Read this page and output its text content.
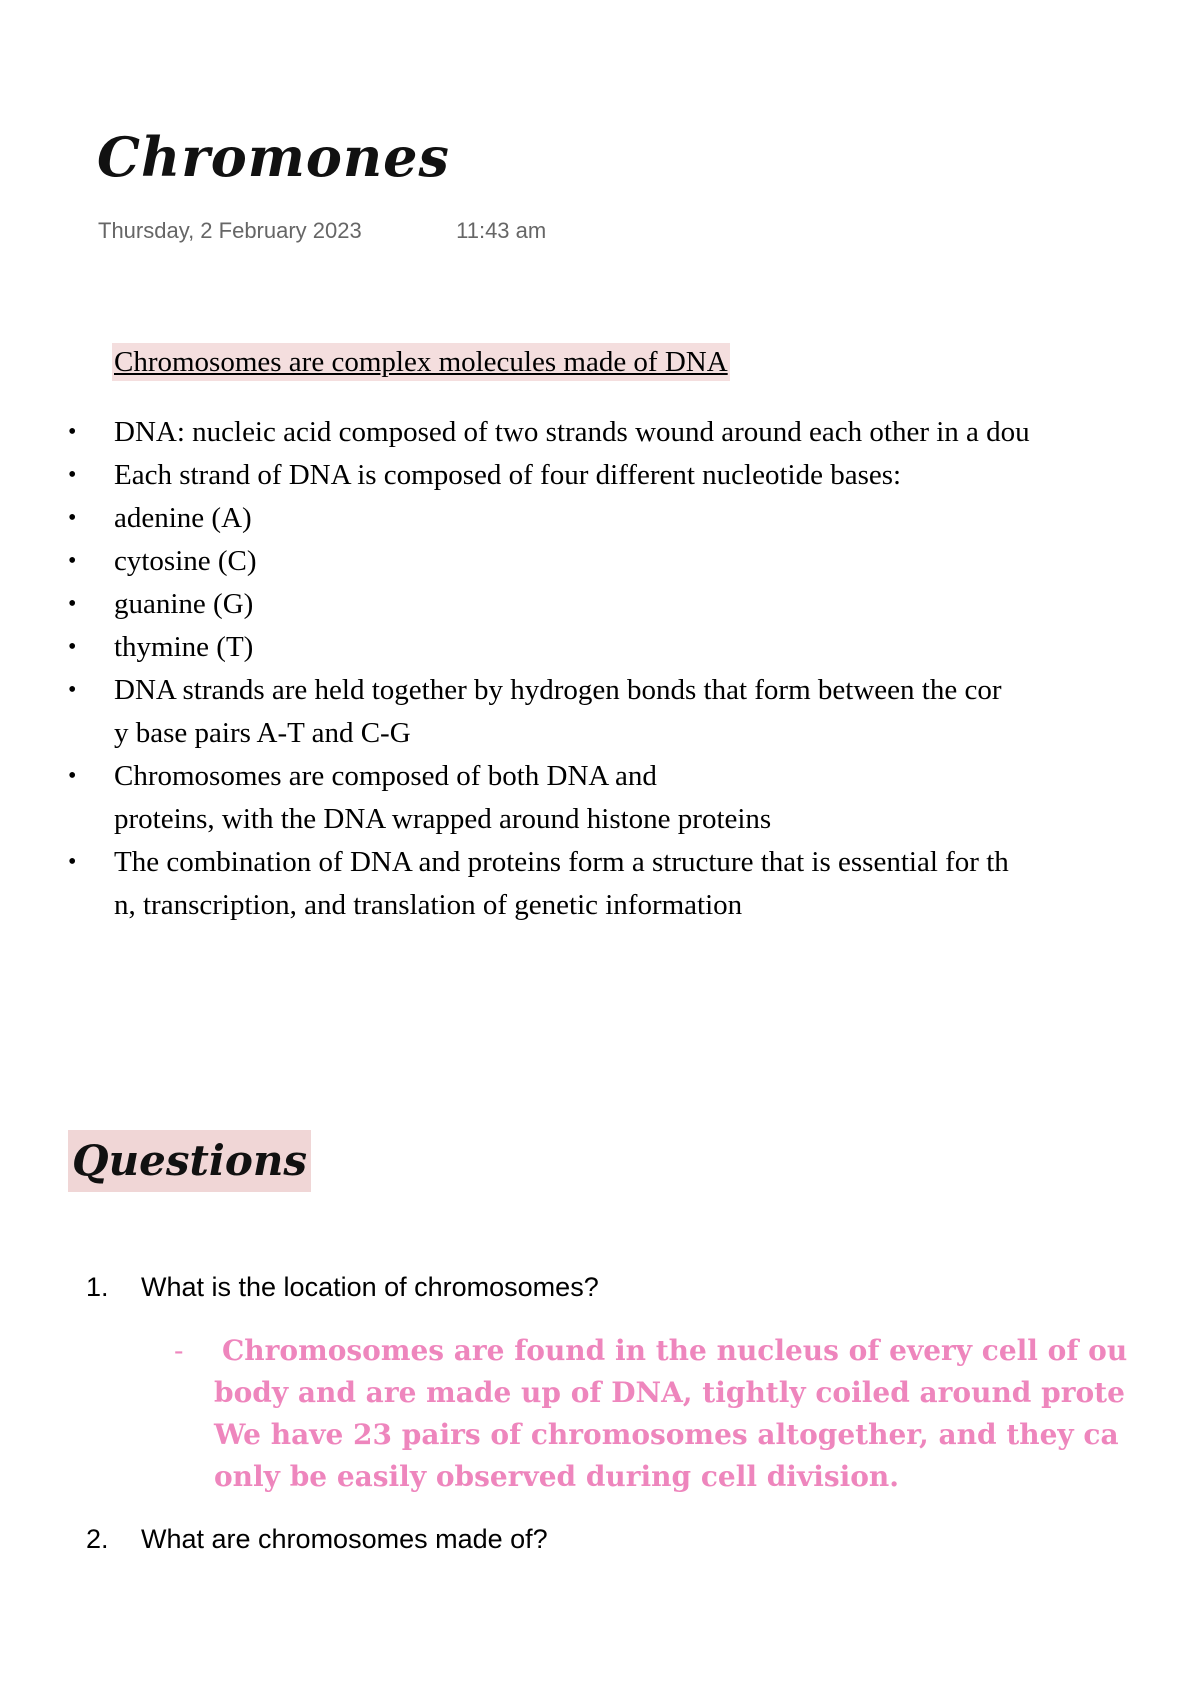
Chromones
Thursday, 2 February 2023	11:43 am
Chromosomes are complex molecules made of DNA
• DNA: nucleic acid composed of two strands wound around each other in a dou
• Each strand of DNA is composed of four different nucleotide bases:
• adenine (A)
• cytosine (C)
• guanine (G)
• thymine (T)
• DNA strands are held together by hydrogen bonds that form between the cor
y base pairs A-T and C-G
• Chromosomes are composed of both DNA and
proteins, with the DNA wrapped around histone proteins
• The combination of DNA and proteins form a structure that is essential for th
n, transcription, and translation of genetic information
Questions
1. What is the location of chromosomes?
-	Chromosomes are found in the nucleus of every cell of ou
body and are made up of DNA, tightly coiled around prote
We have 23 pairs of chromosomes altogether, and they ca
only be easily observed during cell division.
2. What are chromosomes made of?
